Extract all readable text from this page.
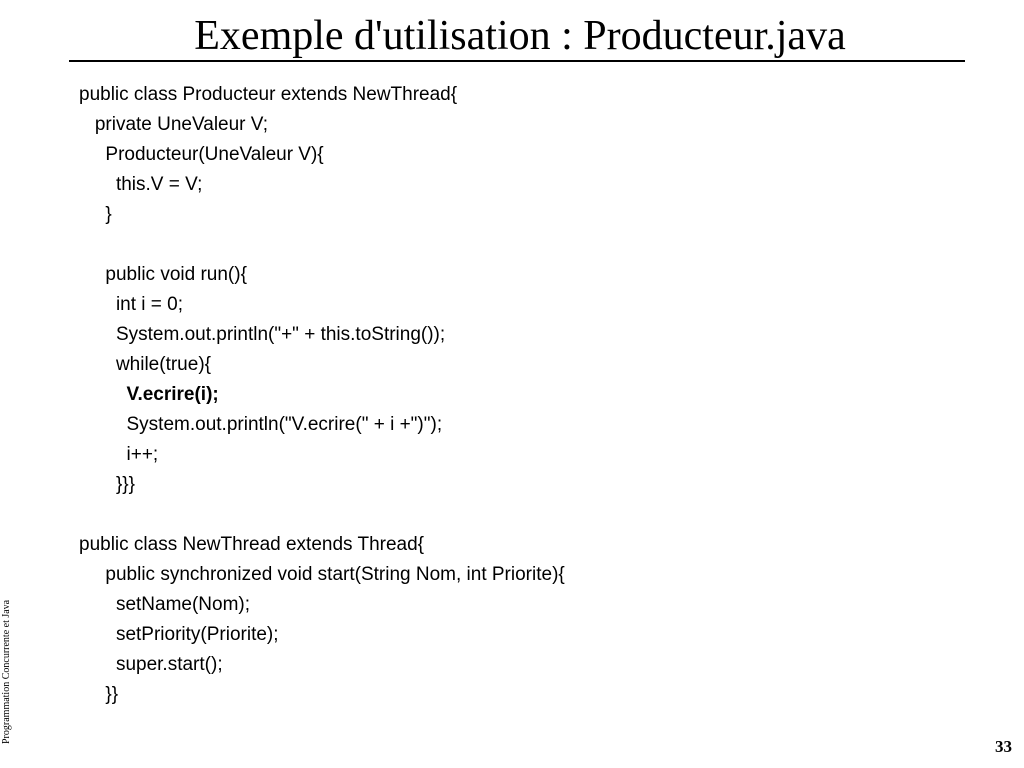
Exemple d'utilisation : Producteur.java
public class Producteur extends NewThread{
private UneValeur V;
Producteur(UneValeur V){
this.V = V;
}
public void run(){
int i = 0;
System.out.println("+" + this.toString());
while(true){
V.ecrire(i);
System.out.println("V.ecrire(" + i +")");
i++;
}}}
public class NewThread extends Thread{
public synchronized void start(String Nom, int Priorite){
setName(Nom);
setPriority(Priorite);
super.start();
}}
Programmation Concurrente et Java
33
